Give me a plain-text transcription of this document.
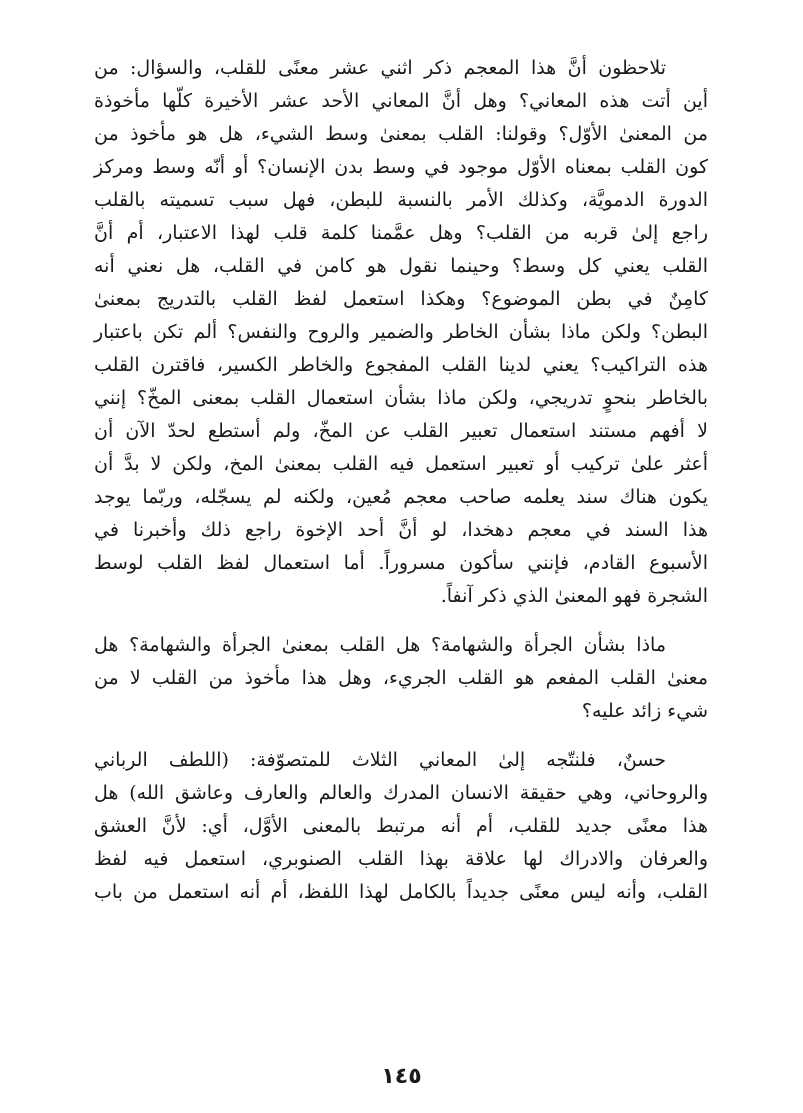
تلاحظون أنَّ هذا المعجم ذكر اثني عشر معنًى للقلب، والسؤال: من
أين أتت هذه المعاني؟ وهل أنَّ المعاني الأحد عشر الأخيرة كلّها مأخوذة
من المعنىٰ الأوّل؟ وقولنا: القلب بمعنىٰ وسط الشيء، هل هو مأخوذ من
كون القلب بمعناه الأوّل موجود في وسط بدن الإنسان؟ أو أنّه وسط ومركز
الدورة الدمويَّة، وكذلك الأمر بالنسبة للبطن، فهل سبب تسميته بالقلب
راجع إلىٰ قربه من القلب؟ وهل عمَّمنا كلمة قلب لهذا الاعتبار، أم أنَّ
القلب يعني كل وسط؟ وحينما نقول هو كامن في القلب، هل نعني أنه
كامِنٌ في بطن الموضوع؟ وهكذا استعمل لفظ القلب بالتدريج بمعنىٰ
البطن؟ ولكن ماذا بشأن الخاطر والضمير والروح والنفس؟ ألم تكن باعتبار
هذه التراكيب؟ يعني لدينا القلب المفجوع والخاطر الكسير، فاقترن القلب
بالخاطر بنحوٍ تدريجي، ولكن ماذا بشأن استعمال القلب بمعنى المخّ؟ إنني
لا أفهم مستند استعمال تعبير القلب عن المخّ، ولم أستطع لحدّ الآن أن
أعثر علىٰ تركيب أو تعبير استعمل فيه القلب بمعنىٰ المخ، ولكن لا بدَّ أن
يكون هناك سند يعلمه صاحب معجم مُعين، ولكنه لم يسجّله، وربّما يوجد
هذا السند في معجم دهخدا، لو أنَّ أحد الإخوة راجع ذلك وأخبرنا في
الأسبوع القادم، فإنني سأكون مسروراً. أما استعمال لفظ القلب لوسط
الشجرة فهو المعنىٰ الذي ذكر آنفاً.
ماذا بشأن الجرأة والشهامة؟ هل القلب بمعنىٰ الجرأة والشهامة؟ هل
معنىٰ القلب المفعم هو القلب الجريء، وهل هذا مأخوذ من القلب لا من
شيء زائد عليه؟
حسنٌ، فلنتّجه إلىٰ المعاني الثلاث للمتصوّفة: (اللطف الرباني
والروحاني، وهي حقيقة الانسان المدرك والعالم والعارف وعاشق الله) هل
هذا معنًى جديد للقلب، أم أنه مرتبط بالمعنى الأوَّل، أي: لأنَّ العشق
والعرفان والادراك لها علاقة بهذا القلب الصنوبري، استعمل فيه لفظ
القلب، وأنه ليس معنًى جديداً بالكامل لهذا اللفظ، أم أنه استعمل من باب
١٤٥
